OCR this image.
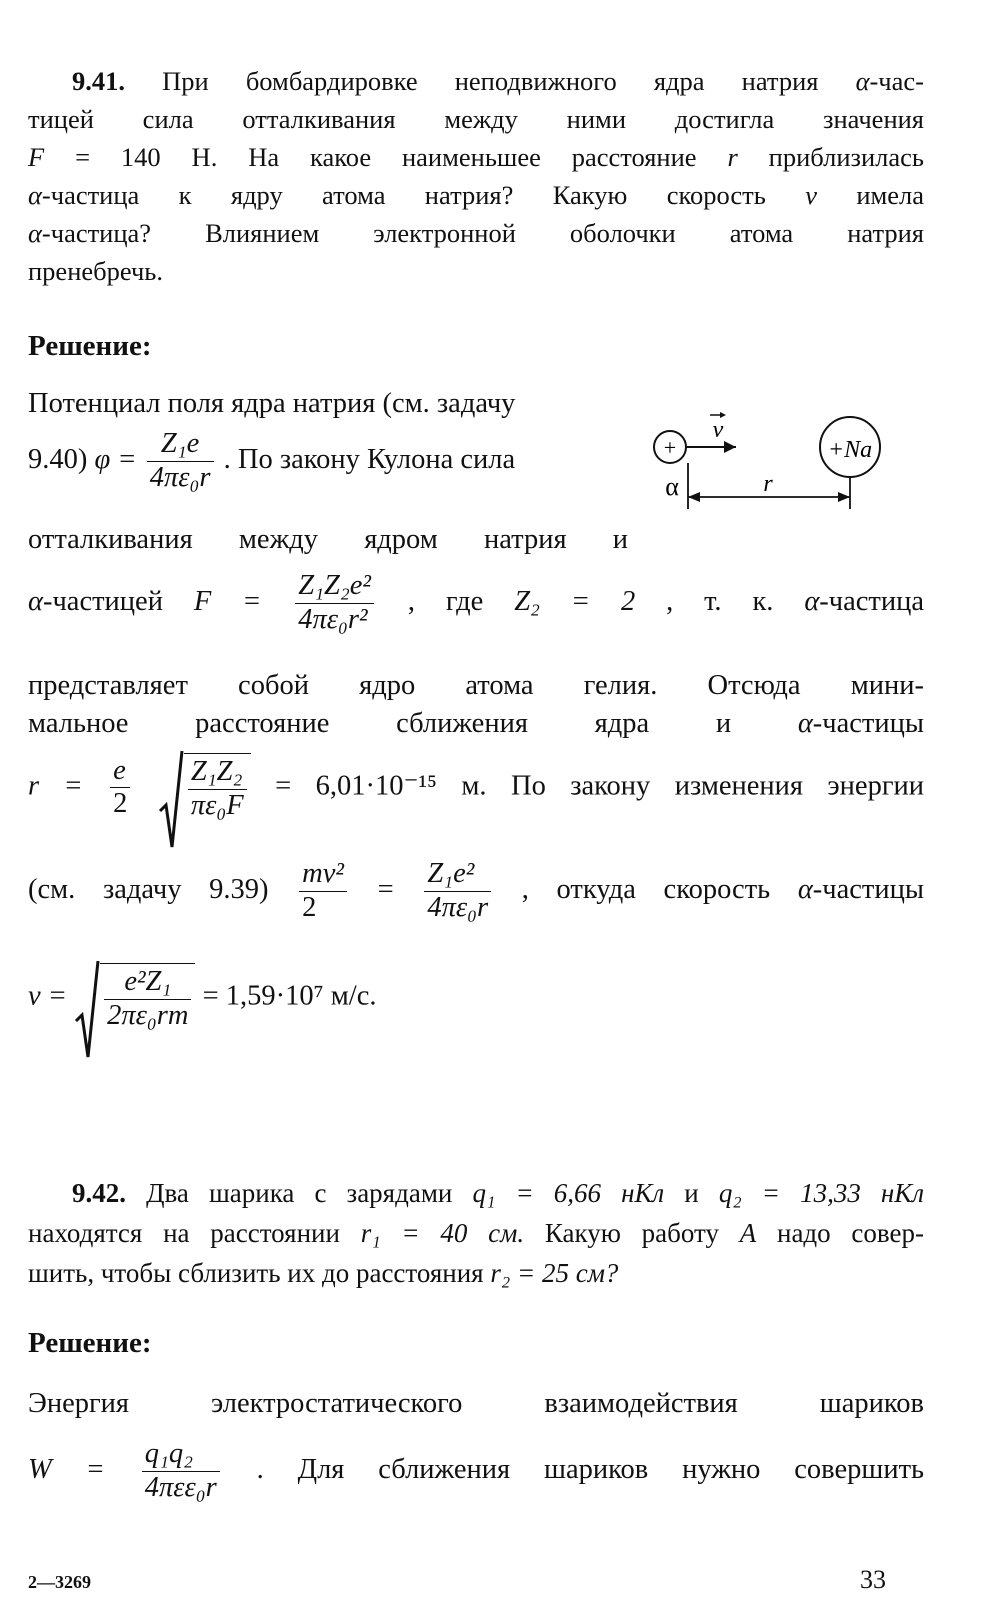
9.41. При бомбардировке неподвижного ядра натрия α-час-
тицей сила отталкивания между ними достигла значения
F = 140 Н. На какое наименьшее расстояние r приблизилась
α-частица к ядру атома натрия? Какую скорость v имела
α-частица? Влиянием электронной оболочки атома натрия
пренебречь.
Решение:
Потенциал поля ядра натрия (см. задачу
9.40) $\varphi = \frac{\text{Z₁e}}{\text{4πε₀r}}$ . По закону Кулона сила
отталкивания между ядром натрия и
α-частицей $F = \frac{\text{Z₁Z₂e²}}{\text{4πε₀r²}}$ , где Z₂ = 2 , т. к. α-частица
представляет собой ядро атома гелия. Отсюда мини-
мальное расстояние сближения ядра и α-частицы
$r = \frac{e}{2}$
$\frac{\text{Z₁Z₂}}{\text{πε₀F}} = 6,01\cdot 10^{-15}$ м. По закону изменения энергии
(см. задачу $9.39) \frac{\text{mv²}}{2} = \frac{\text{Z₁e²}}{\text{4πε₀r}}$ , откуда скорость α-частицы
$v = \frac{\text{e²Z₁}}{\text{2πε₀rm}} = 1,59\cdot 10^7$ м/с.
+
v
+Na
α	r
9.42. Два шарика с зарядами q₁ = 6,66 нКл и q₂ = 13,33 нКл
находятся на расстоянии r₁ = 40 см. Какую работу A надо совер-
шить, чтобы сблизить их до расстояния r₂ = 25 см?
Решение:
Энергия электростатического взаимодействия шариков
$W = \frac{\text{q₁q₂}}{\text{4πεε₀r}}$ . Для сближения шариков нужно совершить
2—3269	33
